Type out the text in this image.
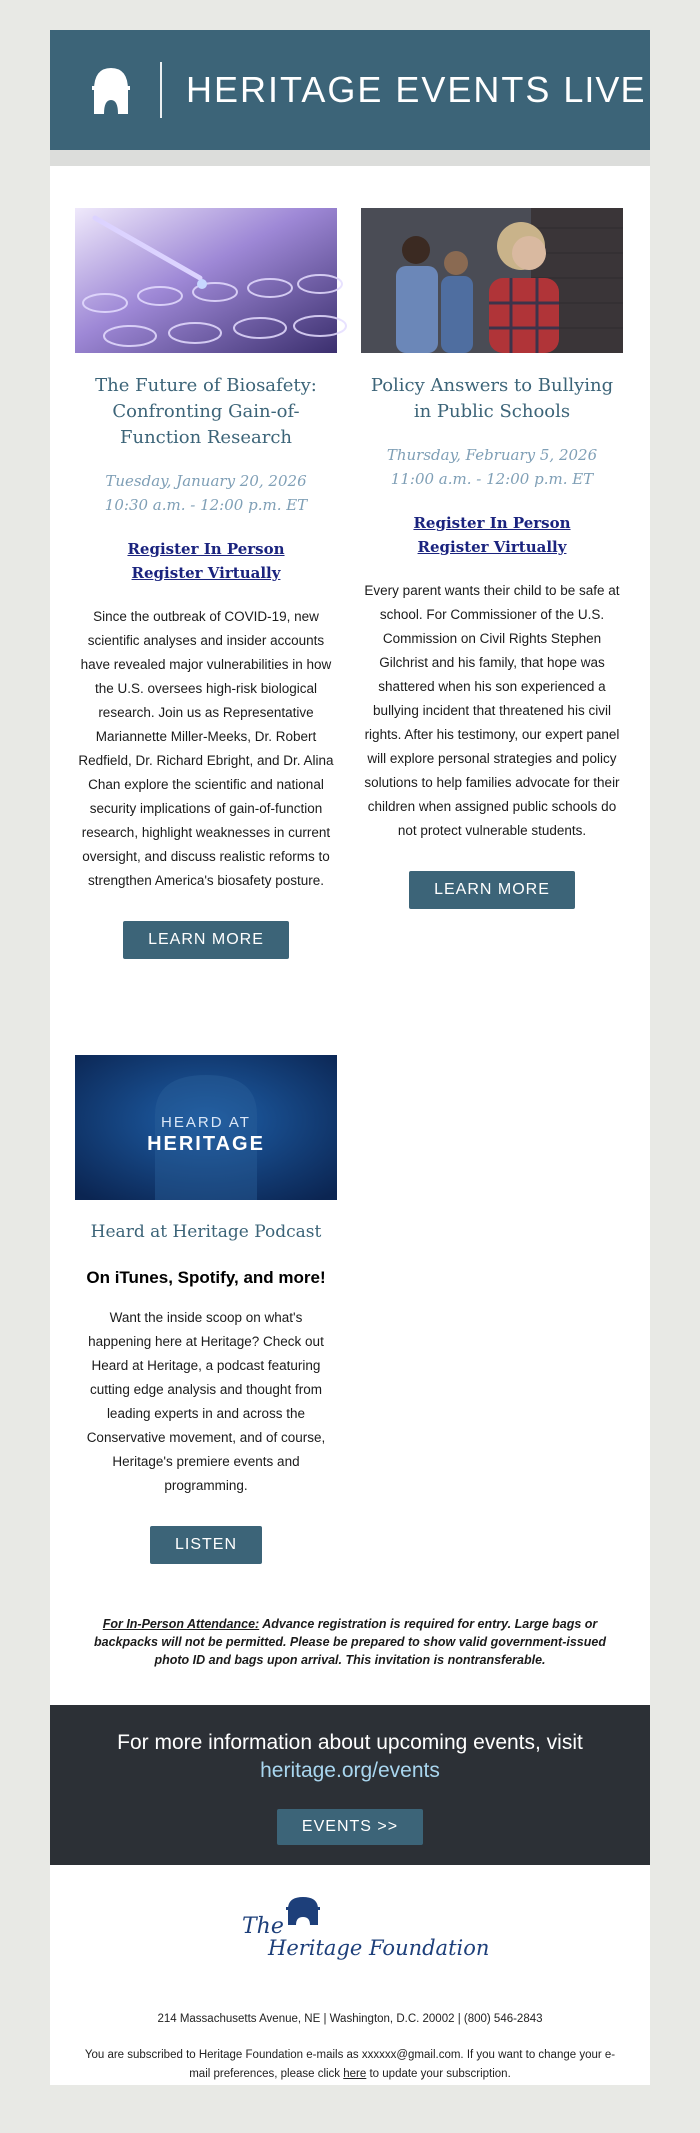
HERITAGE EVENTS LIVE
The Future of Biosafety: Confronting Gain-of-Function Research
Tuesday, January 20, 2026
10:30 a.m. - 12:00 p.m. ET
Register In Person
Register Virtually
Since the outbreak of COVID-19, new scientific analyses and insider accounts have revealed major vulnerabilities in how the U.S. oversees high-risk biological research. Join us as Representative Mariannette Miller-Meeks, Dr. Robert Redfield, Dr. Richard Ebright, and Dr. Alina Chan explore the scientific and national security implications of gain-of-function research, highlight weaknesses in current oversight, and discuss realistic reforms to strengthen America's biosafety posture.
LEARN MORE
Policy Answers to Bullying in Public Schools
Thursday, February 5, 2026
11:00 a.m. - 12:00 p.m. ET
Register In Person
Register Virtually
Every parent wants their child to be safe at school. For Commissioner of the U.S. Commission on Civil Rights Stephen Gilchrist and his family, that hope was shattered when his son experienced a bullying incident that threatened his civil rights. After his testimony, our expert panel will explore personal strategies and policy solutions to help families advocate for their children when assigned public schools do not protect vulnerable students.
LEARN MORE
HEARD AT
HERITAGE
Heard at Heritage Podcast
On iTunes, Spotify, and more!
Want the inside scoop on what's happening here at Heritage? Check out Heard at Heritage, a podcast featuring cutting edge analysis and thought from leading experts in and across the Conservative movement, and of course, Heritage's premiere events and programming.
LISTEN
For In-Person Attendance: Advance registration is required for entry. Large bags or backpacks will not be permitted. Please be prepared to show valid government-issued photo ID and bags upon arrival. This invitation is nontransferable.
For more information about upcoming events, visit
heritage.org/events
EVENTS >>
The
Heritage Foundation
214 Massachusetts Avenue, NE | Washington, D.C. 20002 | (800) 546-2843
You are subscribed to Heritage Foundation e-mails as xxxxxx@gmail.com. If you want to change your e-mail preferences, please click here to update your subscription.
